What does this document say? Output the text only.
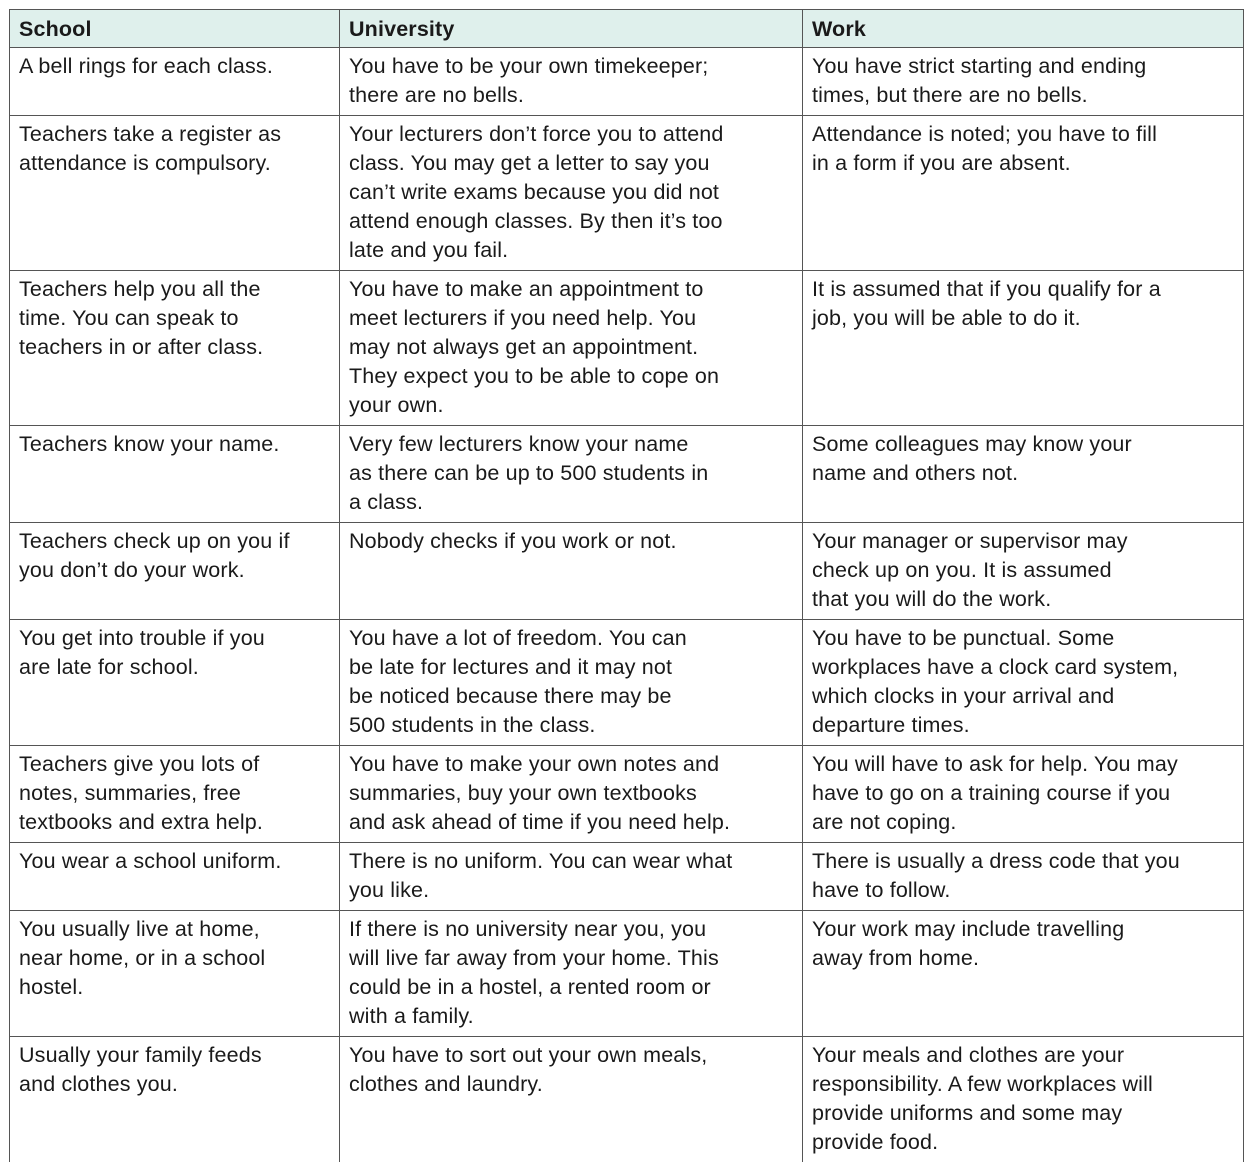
School	University	Work

A bell rings for each class.	You have to be your own timekeeper;
there are no bells.	You have strict starting and ending
times, but there are no bells.

Teachers take a register as
attendance is compulsory.	Your lecturers don’t force you to attend
class. You may get a letter to say you
can’t write exams because you did not
attend enough classes. By then it’s too
late and you fail.	Attendance is noted; you have to fill
in a form if you are absent.

Teachers help you all the
time. You can speak to
teachers in or after class.	You have to make an appointment to
meet lecturers if you need help. You
may not always get an appointment.
They expect you to be able to cope on
your own.	It is assumed that if you qualify for a
job, you will be able to do it.

Teachers know your name.	Very few lecturers know your name
as there can be up to 500 students in
a class.	Some colleagues may know your
name and others not.

Teachers check up on you if
you don’t do your work.	Nobody checks if you work or not.	Your manager or supervisor may
check up on you. It is assumed
that you will do the work.

You get into trouble if you
are late for school.	You have a lot of freedom. You can
be late for lectures and it may not
be noticed because there may be
500 students in the class.	You have to be punctual. Some
workplaces have a clock card system,
which clocks in your arrival and
departure times.

Teachers give you lots of
notes, summaries, free
textbooks and extra help.	You have to make your own notes and
summaries, buy your own textbooks
and ask ahead of time if you need help.	You will have to ask for help. You may
have to go on a training course if you
are not coping.

You wear a school uniform.	There is no uniform. You can wear what
you like.	There is usually a dress code that you
have to follow.

You usually live at home,
near home, or in a school
hostel.	If there is no university near you, you
will live far away from your home. This
could be in a hostel, a rented room or
with a family.	Your work may include travelling
away from home.

Usually your family feeds
and clothes you.	You have to sort out your own meals,
clothes and laundry.	Your meals and clothes are your
responsibility. A few workplaces will
provide uniforms and some may
provide food.
